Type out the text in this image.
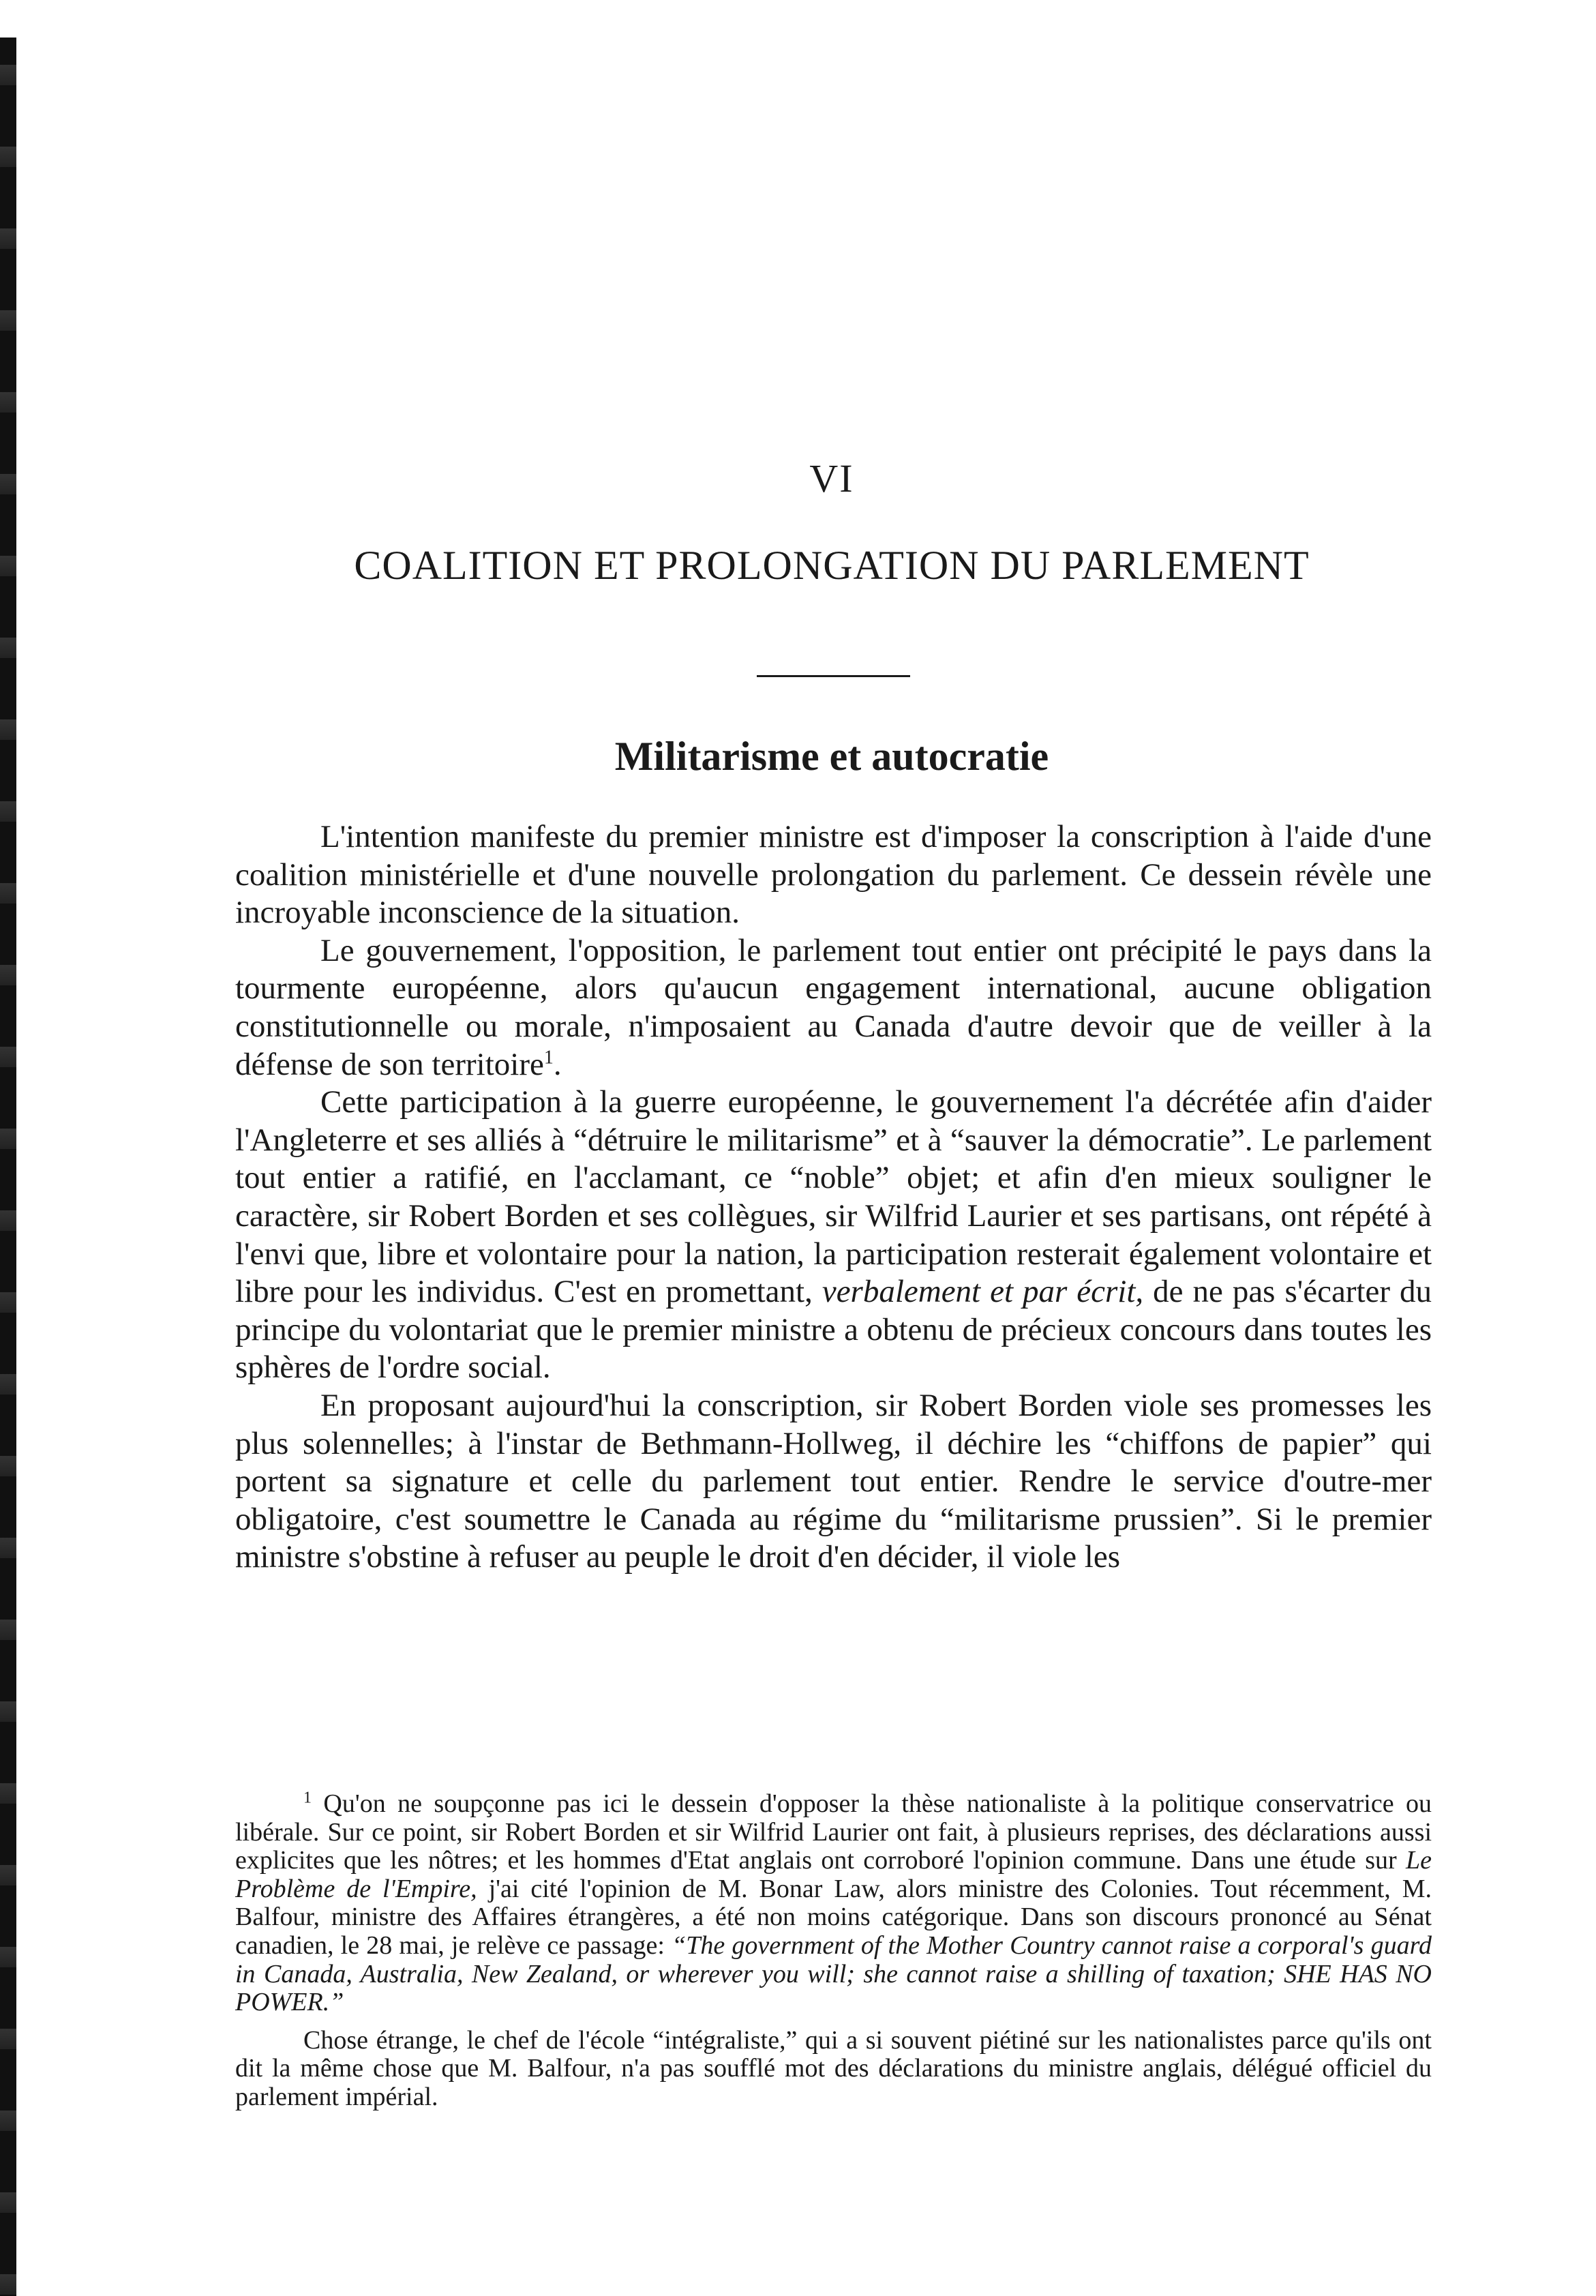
VI
COALITION ET PROLONGATION DU PARLEMENT
Militarisme et autocratie

L'intention manifeste du premier ministre est d'imposer la conscription à l'aide d'une coalition ministérielle et d'une nouvelle prolongation du parlement. Ce dessein révèle une incroyable inconscience de la situation.

Le gouvernement, l'opposition, le parlement tout entier ont précipité le pays dans la tourmente européenne, alors qu'aucun engagement international, aucune obligation constitutionnelle ou morale, n'imposaient au Canada d'autre devoir que de veiller à la défense de son territoire$^1$.

Cette participation à la guerre européenne, le gouvernement l'a décrétée afin d'aider l'Angleterre et ses alliés à “détruire le militarisme” et à “sauver la démocratie”. Le parlement tout entier a ratifié, en l'acclamant, ce “noble” objet; et afin d'en mieux souligner le caractère, sir Robert Borden et ses collègues, sir Wilfrid Laurier et ses partisans, ont répété à l'envi que, libre et volontaire pour la nation, la participation resterait également volontaire et libre pour les individus. C'est en promettant, verbalement et par écrit, de ne pas s'écarter du principe du volontariat que le premier ministre a obtenu de précieux concours dans toutes les sphères de l'ordre social.

En proposant aujourd'hui la conscription, sir Robert Borden viole ses promesses les plus solennelles; à l'instar de Bethmann-Hollweg, il déchire les “chiffons de papier” qui portent sa signature et celle du parlement tout entier. Rendre le service d'outre-mer obligatoire, c'est soumettre le Canada au régime du “militarisme prussien”. Si le premier ministre s'obstine à refuser au peuple le droit d'en décider, il viole les

$^1$ Qu'on ne soupçonne pas ici le dessein d'opposer la thèse nationaliste à la politique conservatrice ou libérale. Sur ce point, sir Robert Borden et sir Wilfrid Laurier ont fait, à plusieurs reprises, des déclarations aussi explicites que les nôtres; et les hommes d'Etat anglais ont corroboré l'opinion commune. Dans une étude sur Le Problème de l'Empire, j'ai cité l'opinion de M. Bonar Law, alors ministre des Colonies. Tout récemment, M. Balfour, ministre des Affaires étrangères, a été non moins catégorique. Dans son discours prononcé au Sénat canadien, le 28 mai, je relève ce passage: “The government of the Mother Country cannot raise a corporal's guard in Canada, Australia, New Zealand, or wherever you will; she cannot raise a shilling of taxation; SHE HAS NO POWER.”

Chose étrange, le chef de l'école “intégraliste,” qui a si souvent piétiné sur les nationalistes parce qu'ils ont dit la même chose que M. Balfour, n'a pas soufflé mot des déclarations du ministre anglais, délégué officiel du parlement impérial.
